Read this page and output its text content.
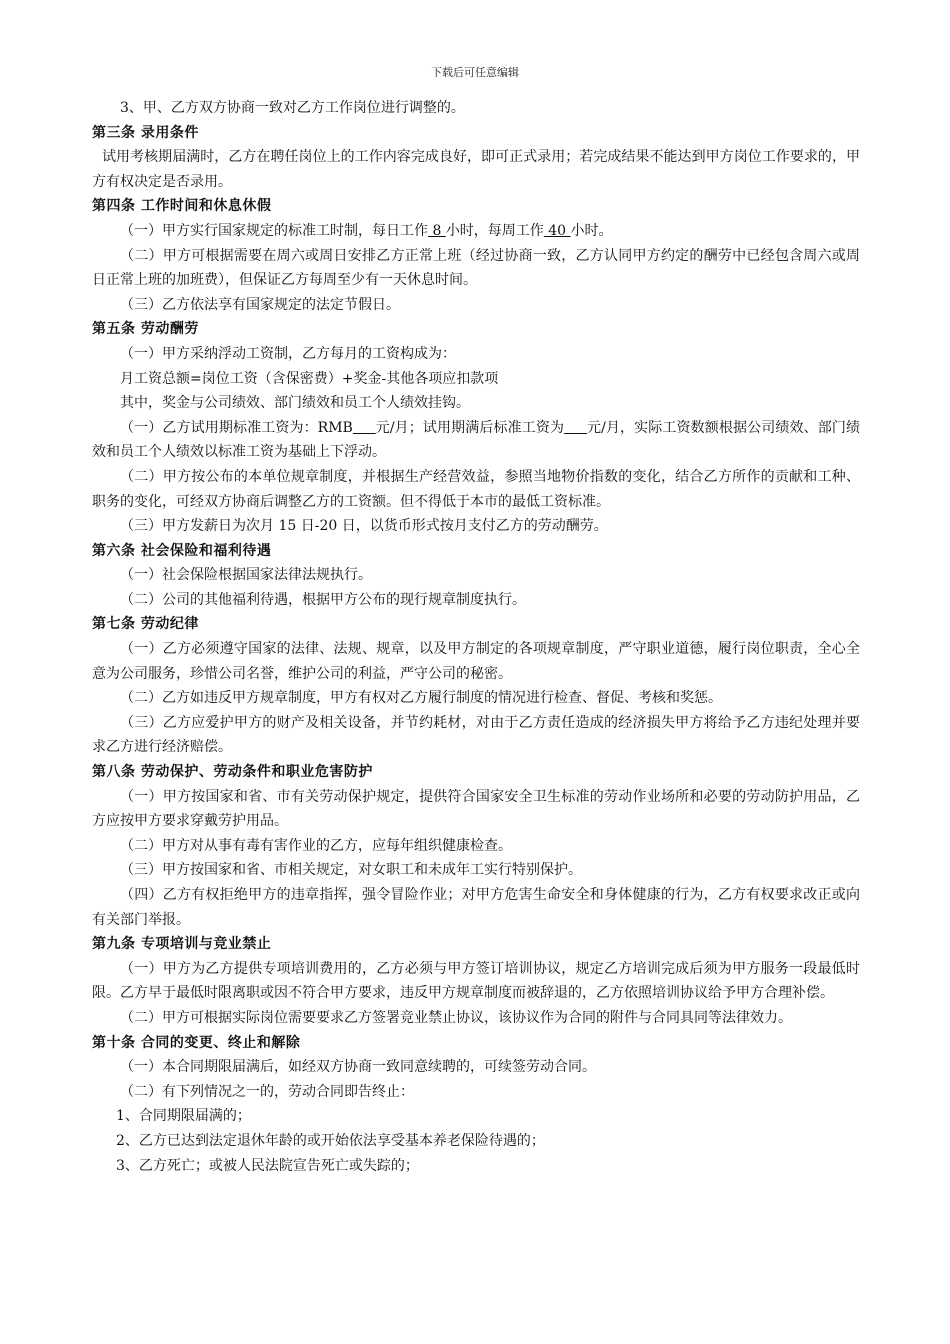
下载后可任意编辑

3、甲、乙方双方协商一致对乙方工作岗位进行调整的。

第三条 录用条件

试用考核期届满时，乙方在聘任岗位上的工作内容完成良好，即可正式录用；若完成结果不能达到甲方岗位工作要求的，甲方有权决定是否录用。

第四条 工作时间和休息休假

（一）甲方实行国家规定的标准工时制，每日工作 8 小时，每周工作 40 小时。

（二）甲方可根据需要在周六或周日安排乙方正常上班（经过协商一致，乙方认同甲方约定的酬劳中已经包含周六或周日正常上班的加班费），但保证乙方每周至少有一天休息时间。

（三）乙方依法享有国家规定的法定节假日。

第五条 劳动酬劳

（一）甲方采纳浮动工资制，乙方每月的工资构成为：

月工资总额=岗位工资（含保密费）+奖金-其他各项应扣款项

其中，奖金与公司绩效、部门绩效和员工个人绩效挂钩。

（一）乙方试用期标准工资为：RMB 元/月；试用期满后标准工资为 元/月，实际工资数额根据公司绩效、部门绩效和员工个人绩效以标准工资为基础上下浮动。

（二）甲方按公布的本单位规章制度，并根据生产经营效益，参照当地物价指数的变化，结合乙方所作的贡献和工种、职务的变化，可经双方协商后调整乙方的工资额。但不得低于本市的最低工资标准。

（三）甲方发薪日为次月 15 日-20 日，以货币形式按月支付乙方的劳动酬劳。

第六条 社会保险和福利待遇

（一）社会保险根据国家法律法规执行。

（二）公司的其他福利待遇，根据甲方公布的现行规章制度执行。

第七条 劳动纪律

（一）乙方必须遵守国家的法律、法规、规章，以及甲方制定的各项规章制度，严守职业道德，履行岗位职责，全心全意为公司服务，珍惜公司名誉，维护公司的利益，严守公司的秘密。

（二）乙方如违反甲方规章制度，甲方有权对乙方履行制度的情况进行检查、督促、考核和奖惩。

（三）乙方应爱护甲方的财产及相关设备，并节约耗材，对由于乙方责任造成的经济损失甲方将给予乙方违纪处理并要求乙方进行经济赔偿。

第八条 劳动保护、劳动条件和职业危害防护

（一）甲方按国家和省、市有关劳动保护规定，提供符合国家安全卫生标准的劳动作业场所和必要的劳动防护用品，乙方应按甲方要求穿戴劳护用品。

（二）甲方对从事有毒有害作业的乙方，应每年组织健康检查。

（三）甲方按国家和省、市相关规定，对女职工和未成年工实行特别保护。

（四）乙方有权拒绝甲方的违章指挥，强令冒险作业；对甲方危害生命安全和身体健康的行为，乙方有权要求改正或向有关部门举报。

第九条 专项培训与竞业禁止

（一）甲方为乙方提供专项培训费用的，乙方必须与甲方签订培训协议，规定乙方培训完成后须为甲方服务一段最低时限。乙方早于最低时限离职或因不符合甲方要求，违反甲方规章制度而被辞退的，乙方依照培训协议给予甲方合理补偿。

（二）甲方可根据实际岗位需要要求乙方签署竞业禁止协议，该协议作为合同的附件与合同具同等法律效力。

第十条 合同的变更、终止和解除

（一）本合同期限届满后，如经双方协商一致同意续聘的，可续签劳动合同。

（二）有下列情况之一的，劳动合同即告终止：

1、合同期限届满的；

2、乙方已达到法定退休年龄的或开始依法享受基本养老保险待遇的；

3、乙方死亡；或被人民法院宣告死亡或失踪的；
